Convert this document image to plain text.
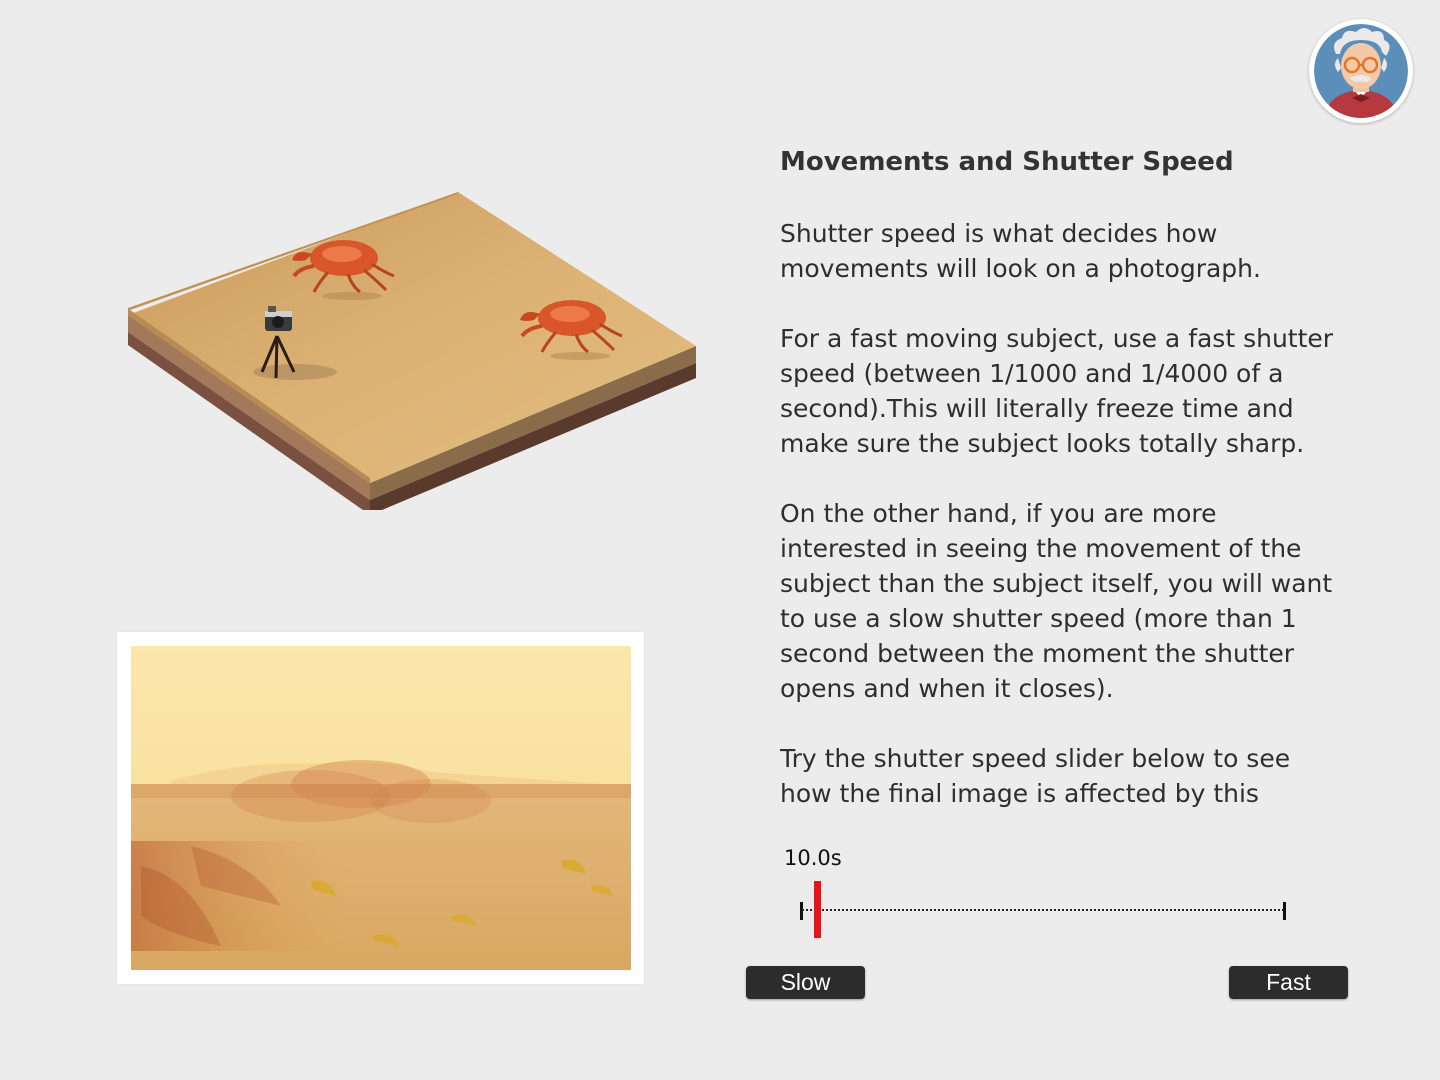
Movements and Shutter Speed

Shutter speed is what decides how
movements will look on a photograph.

For a fast moving subject, use a fast shutter
speed (between 1/1000 and 1/4000 of a
second).This will literally freeze time and
make sure the subject looks totally sharp.

On the other hand, if you are more
interested in seeing the movement of the
subject than the subject itself, you will want
to use a slow shutter speed (more than 1
second between the moment the shutter
opens and when it closes).

Try the shutter speed slider below to see
how the final image is affected by this

10.0s
Slow	Fast
